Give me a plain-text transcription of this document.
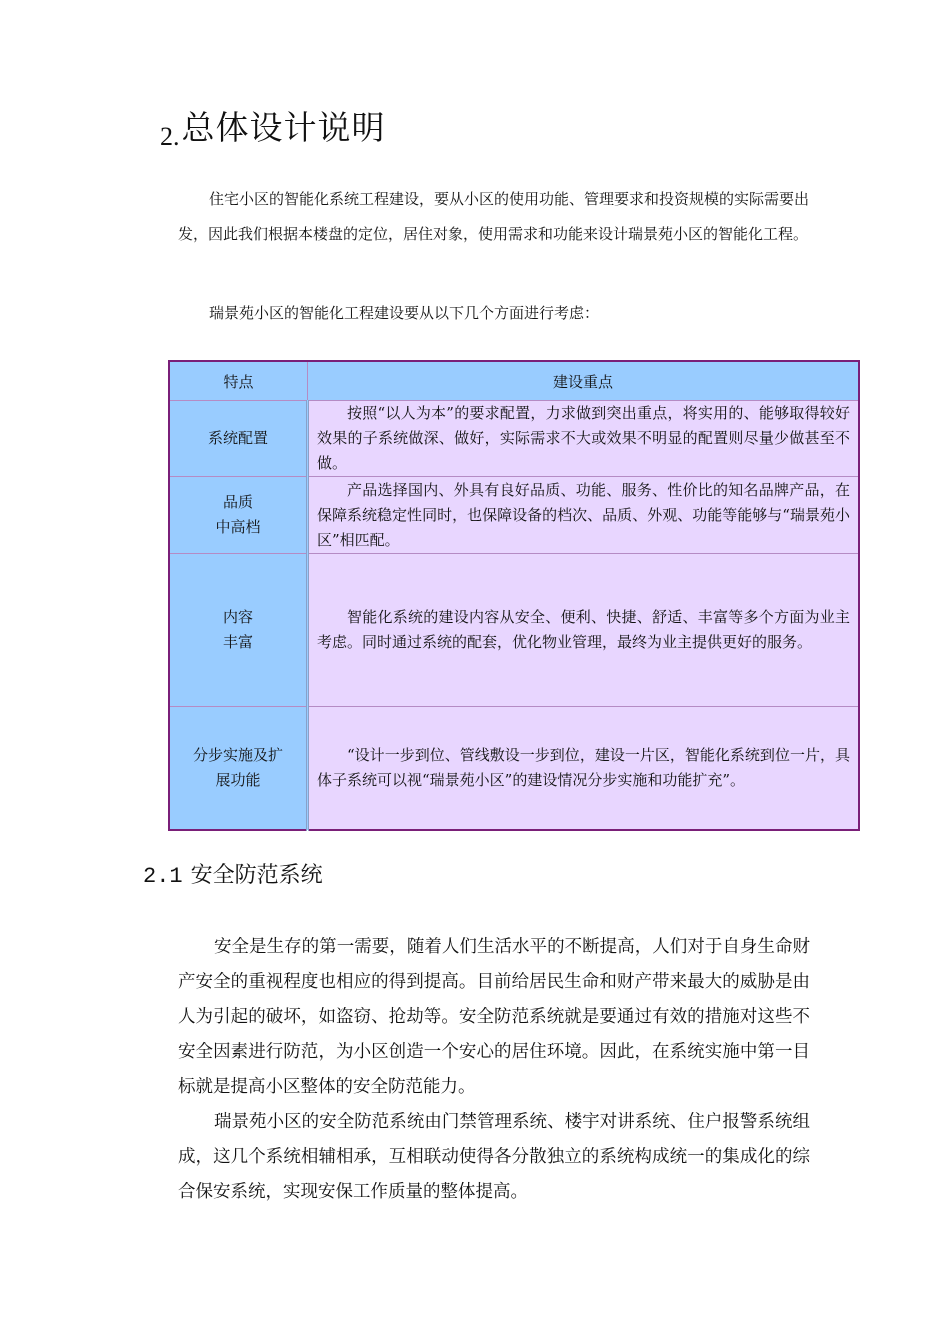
2. 总体设计说明

住宅小区的智能化系统工程建设，要从小区的使用功能、管理要求和投资规模的实际需要出发，因此我们根据本楼盘的定位，居住对象，使用需求和功能来设计瑞景苑小区的智能化工程。

瑞景苑小区的智能化工程建设要从以下几个方面进行考虑：

特点	建设重点
系统配置	按照“以人为本”的要求配置，力求做到突出重点，将实用的、能够取得较好效果的子系统做深、做好，实际需求不大或效果不明显的配置则尽量少做甚至不做。
品质
中高档	产品选择国内、外具有良好品质、功能、服务、性价比的知名品牌产品，在保障系统稳定性同时，也保障设备的档次、品质、外观、功能等能够与“瑞景苑小区”相匹配。
内容
丰富	智能化系统的建设内容从安全、便利、快捷、舒适、丰富等多个方面为业主考虑。同时通过系统的配套，优化物业管理，最终为业主提供更好的服务。
分步实施及扩
展功能	“设计一步到位、管线敷设一步到位，建设一片区，智能化系统到位一片，具体子系统可以视“瑞景苑小区”的建设情况分步实施和功能扩充”。
2.1 安全防范系统

安全是生存的第一需要，随着人们生活水平的不断提高，人们对于自身生命财产安全的重视程度也相应的得到提高。目前给居民生命和财产带来最大的威胁是由人为引起的破坏，如盗窃、抢劫等。安全防范系统就是要通过有效的措施对这些不安全因素进行防范，为小区创造一个安心的居住环境。因此，在系统实施中第一目标就是提高小区整体的安全防范能力。

瑞景苑小区的安全防范系统由门禁管理系统、楼宇对讲系统、住户报警系统组成，这几个系统相辅相承，互相联动使得各分散独立的系统构成统一的集成化的综合保安系统，实现安保工作质量的整体提高。
